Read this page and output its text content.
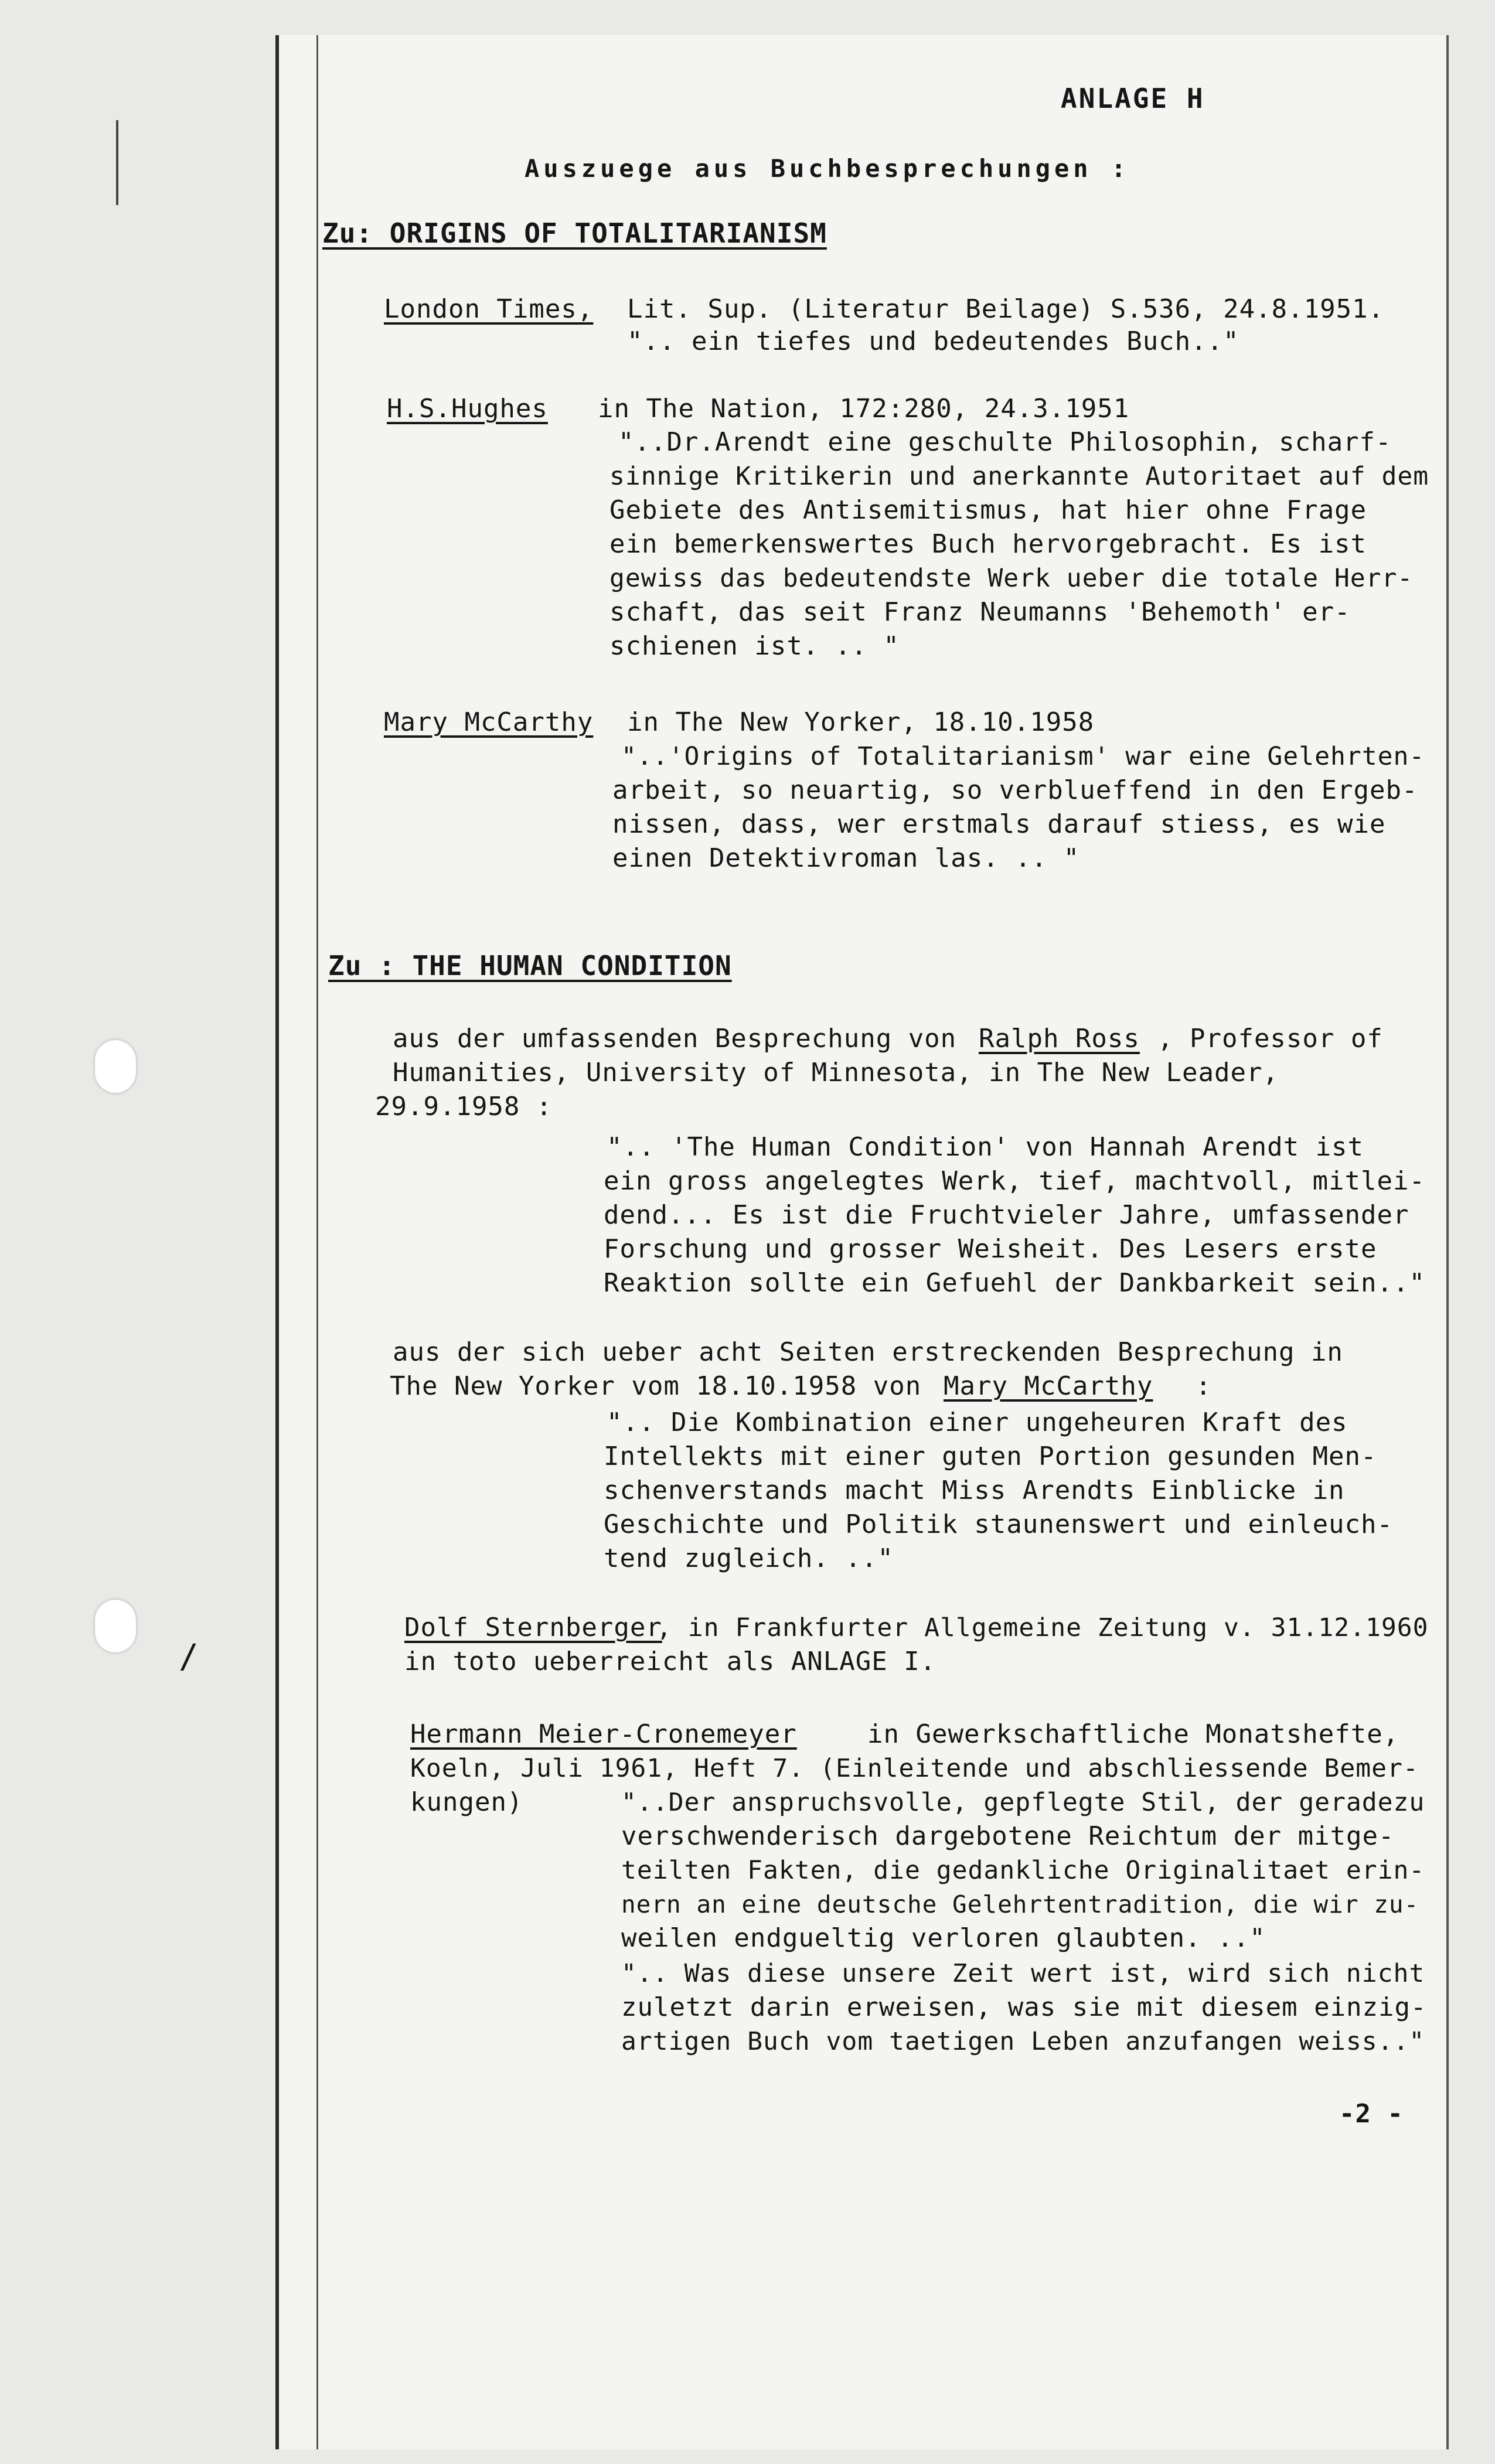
/
ANLAGE H
Auszuege aus Buchbesprechungen :
Zu: ORIGINS OF TOTALITARIANISM
London Times, Lit. Sup. (Literatur Beilage) S.536, 24.8.1951.
".. ein tiefes und bedeutendes Buch.."
H.S.Hughes in The Nation, 172:280, 24.3.1951
"..Dr.Arendt eine geschulte Philosophin, scharf-
sinnige Kritikerin und anerkannte Autoritaet auf dem
Gebiete des Antisemitismus, hat hier ohne Frage
ein bemerkenswertes Buch hervorgebracht. Es ist
gewiss das bedeutendste Werk ueber die totale Herr-
schaft, das seit Franz Neumanns 'Behemoth' er-
schienen ist. .. "
Mary McCarthy in The New Yorker, 18.10.1958
"..'Origins of Totalitarianism' war eine Gelehrten-
arbeit, so neuartig, so verblueffend in den Ergeb-
nissen, dass, wer erstmals darauf stiess, es wie
einen Detektivroman las. .. "
Zu : THE HUMAN CONDITION
aus der umfassenden Besprechung von Ralph Ross , Professor of
Humanities, University of Minnesota, in The New Leader,
29.9.1958 :
".. 'The Human Condition' von Hannah Arendt ist
ein gross angelegtes Werk, tief, machtvoll, mitlei-
dend... Es ist die Fruchtvieler Jahre, umfassender
Forschung und grosser Weisheit. Des Lesers erste
Reaktion sollte ein Gefuehl der Dankbarkeit sein.."
aus der sich ueber acht Seiten erstreckenden Besprechung in
The New Yorker vom 18.10.1958 von Mary McCarthy :
".. Die Kombination einer ungeheuren Kraft des
Intellekts mit einer guten Portion gesunden Men-
schenverstands macht Miss Arendts Einblicke in
Geschichte und Politik staunenswert und einleuch-
tend zugleich. .."
Dolf Sternberger
, in Frankfurter Allgemeine Zeitung v. 31.12.1960
in toto ueberreicht als ANLAGE I.
Hermann Meier-Cronemeyer	in Gewerkschaftliche Monatshefte,
Koeln, Juli 1961, Heft 7. (Einleitende und abschliessende Bemer-
kungen)	"..Der anspruchsvolle, gepflegte Stil, der geradezu
verschwenderisch dargebotene Reichtum der mitge-
teilten Fakten, die gedankliche Originalitaet erin-
nern an eine deutsche Gelehrtentradition, die wir zu-
weilen endgueltig verloren glaubten. .."
".. Was diese unsere Zeit wert ist, wird sich nicht
zuletzt darin erweisen, was sie mit diesem einzig-
artigen Buch vom taetigen Leben anzufangen weiss.."
-2 -
